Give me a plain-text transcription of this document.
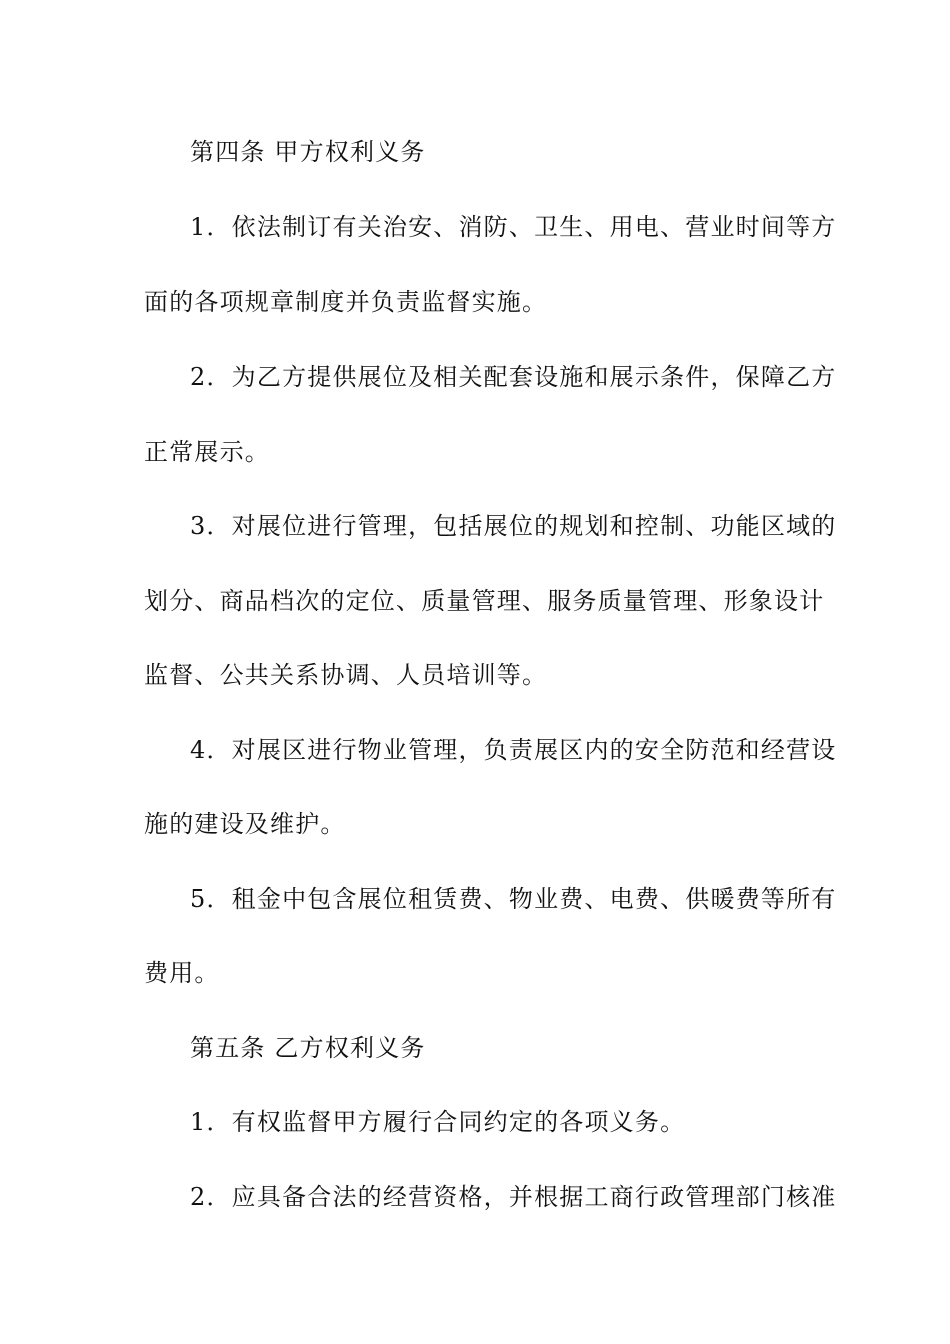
第四条 甲方权利义务

1．依法制订有关治安、消防、卫生、用电、营业时间等方

面的各项规章制度并负责监督实施。

2．为乙方提供展位及相关配套设施和展示条件，保障乙方

正常展示。

3．对展位进行管理，包括展位的规划和控制、功能区域的

划分、商品档次的定位、质量管理、服务质量管理、形象设计

监督、公共关系协调、人员培训等。

4．对展区进行物业管理，负责展区内的安全防范和经营设

施的建设及维护。

5．租金中包含展位租赁费、物业费、电费、供暖费等所有

费用。

第五条 乙方权利义务

1．有权监督甲方履行合同约定的各项义务。

2．应具备合法的经营资格，并根据工商行政管理部门核准
